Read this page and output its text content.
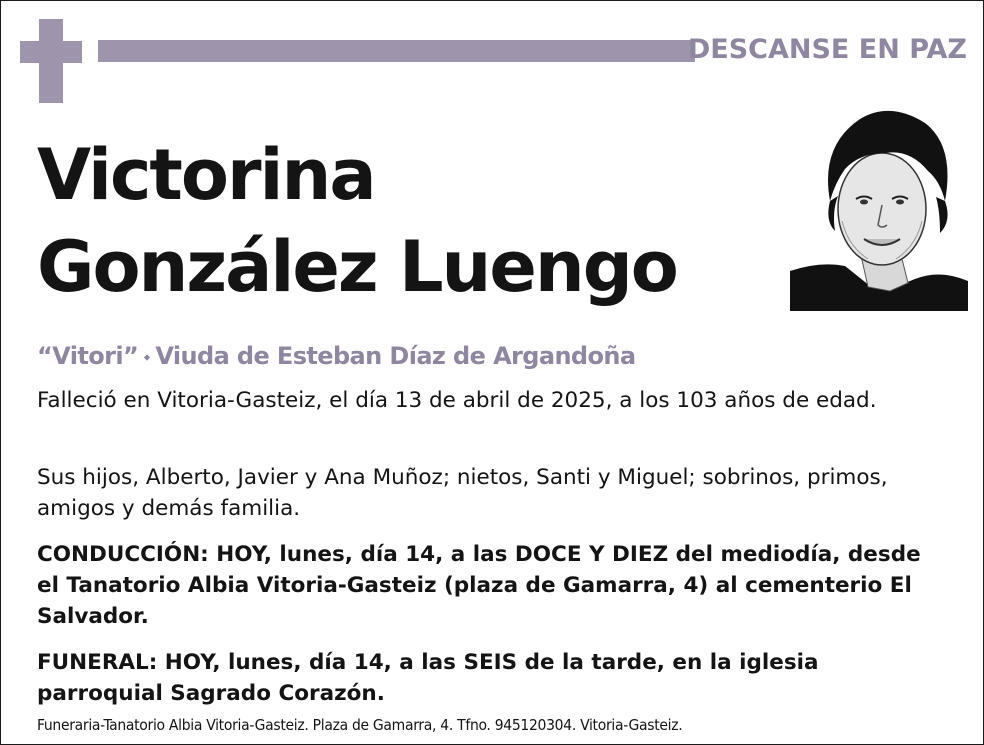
DESCANSE EN PAZ
Victorina
González Luengo
“Vitori” ⬩ Viuda de Esteban Díaz de Argandoña
Falleció en Vitoria-Gasteiz, el día 13 de abril de 2025, a los 103 años de edad.
Sus hijos, Alberto, Javier y Ana Muñoz; nietos, Santi y Miguel; sobrinos, primos, amigos y demás familia.
CONDUCCIÓN: HOY, lunes, día 14, a las DOCE Y DIEZ del mediodía, desde el Tanatorio Albia Vitoria-Gasteiz (plaza de Gamarra, 4) al cementerio El Salvador.
FUNERAL: HOY, lunes, día 14, a las SEIS de la tarde, en la iglesia parroquial Sagrado Corazón.
Funeraria-Tanatorio Albia Vitoria-Gasteiz. Plaza de Gamarra, 4. Tfno. 945120304. Vitoria-Gasteiz.
